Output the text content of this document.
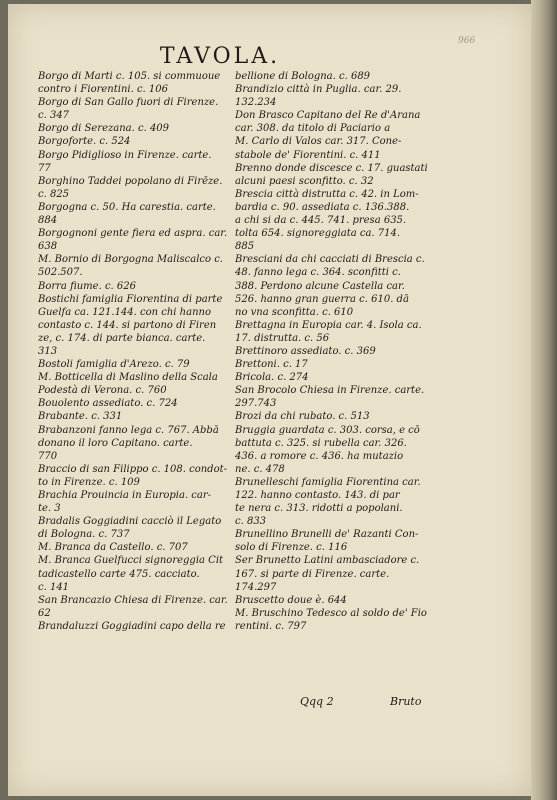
966
TAVOLA.
Borgo di Marti c. 105. si commuoue
contro i Fiorentini. c. 106
Borgo di San Gallo fuori di Firenze.
c. 347
Borgo di Serezana. c. 409
Borgoforte. c. 524
Borgo Pidiglioso in Firenze. carte.
77
Borghino Taddei popolano di Firēze.
c. 825
Borgogna c. 50. Ha carestia. carte.
884
Borgognoni gente fiera ed aspra. car.
638
M. Bornio di Borgogna Maliscalco c.
502.507.
Borra fiume. c. 626
Bostichi famiglia Fiorentina di parte
Guelfa ca. 121.144. con chi hanno
contasto c. 144. si partono di Firen
ze, c. 174. di parte bianca. carte.
313
Bostoli famiglia d'Arezo. c. 79
M. Botticella di Maslino della Scala
Podestà di Verona. c. 760
Bouolento assediato. c. 724
Brabante. c. 331
Brabanzoni fanno lega c. 767. Abbā
donano il loro Capitano. carte.
770
Braccio di san Filippo c. 108. condot-
to in Firenze. c. 109
Brachia Prouincia in Europia. car-
te. 3
Bradalis Goggiadini cacciò il Legato
di Bologna. c. 737
M. Branca da Castello. c. 707
M. Branca Guelfucci signoreggia Cit
tadicastello carte 475. cacciato.
c. 141
San Brancazio Chiesa di Firenze. car.
62
Brandaluzzi Goggiadini capo della re
bellione di Bologna. c. 689
Brandizio città in Puglia. car. 29.
132.234
Don Brasco Capitano del Re d'Arana
car. 308. da titolo di Paciario a
M. Carlo di Valos car. 317. Cone-
stabole de' Fiorentini. c. 411
Brenno donde discesce c. 17. guastati
alcuni paesi sconfitto. c. 32
Brescia città distrutta c. 42. in Lom-
bardia c. 90. assediata c. 136.388.
a chi si da c. 445. 741. presa 635.
tolta 654. signoreggiata ca. 714.
885
Bresciani da chi cacciati di Brescia c.
48. fanno lega c. 364. sconfitti c.
388. Perdono alcune Castella car.
526. hanno gran guerra c. 610. dā
no vna sconfitta. c. 610
Brettagna in Europia car. 4. Isola ca.
17. distrutta. c. 56
Brettinoro assediato. c. 369
Brettoni. c. 17
Bricola. c. 274
San Brocolo Chiesa in Firenze. carte.
297.743
Brozi da chi rubato. c. 513
Bruggia guardata c. 303. corsa, e cō
battuta c. 325. si rubella car. 326.
436. a romore c. 436. ha mutazio
ne. c. 478
Brunelleschi famiglia Fiorentina car.
122. hanno contasto. 143. di par
te nera c. 313. ridotti a popolani.
c. 833
Brunellino Brunelli de' Razanti Con-
solo di Firenze. c. 116
Ser Brunetto Latini ambasciadore c.
167. si parte di Firenze. carte.
174.297
Bruscetto doue è. 644
M. Bruschino Tedesco al soldo de' Fio
rentini. c. 797
Qqq 2	Bruto
